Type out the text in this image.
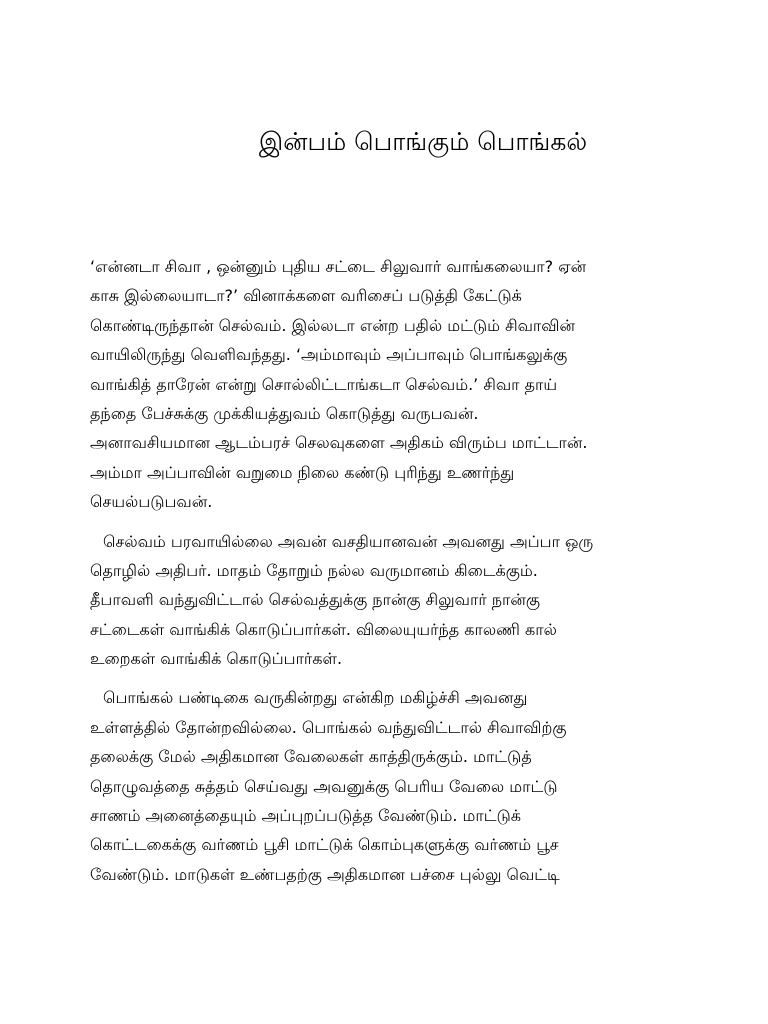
இன்பம் பொங்கும் பொங்கல்
‘என்னடா சிவா , ஒன்னும் புதிய சட்டை சிலுவார் வாங்கலையா? ஏன்
காசு இல்லையாடா?’ வினாக்களை வரிசைப் படுத்தி கேட்டுக்
கொண்டிருந்தான் செல்வம். இல்லடா என்ற பதில் மட்டும் சிவாவின்
வாயிலிருந்து வெளிவந்தது. ‘அம்மாவும் அப்பாவும் பொங்கலுக்கு
வாங்கித் தாரேன் என்று சொல்லிட்டாங்கடா செல்வம்.’ சிவா தாய்
தந்தை பேச்சுக்கு முக்கியத்துவம் கொடுத்து வருபவன்.
அனாவசியமான ஆடம்பரச் செலவுகளை அதிகம் விரும்ப மாட்டான்.
அம்மா அப்பாவின் வறுமை நிலை கண்டு புரிந்து உணர்ந்து
செயல்படுபவன்.
செல்வம் பரவாயில்லை அவன் வசதியானவன் அவனது அப்பா ஒரு
தொழில் அதிபர். மாதம் தோறும் நல்ல வருமானம் கிடைக்கும்.
தீபாவளி வந்துவிட்டால் செல்வத்துக்கு நான்கு சிலுவார் நான்கு
சட்டைகள் வாங்கிக் கொடுப்பார்கள். விலையுயர்ந்த காலணி கால்
உறைகள் வாங்கிக் கொடுப்பார்கள்.
பொங்கல் பண்டிகை வருகின்றது என்கிற மகிழ்ச்சி அவனது
உள்ளத்தில் தோன்றவில்லை. பொங்கல் வந்துவிட்டால் சிவாவிற்கு
தலைக்கு மேல் அதிகமான வேலைகள் காத்திருக்கும். மாட்டுத்
தொழுவத்தை சுத்தம் செய்வது அவனுக்கு பெரிய வேலை மாட்டு
சாணம் அனைத்தையும் அப்புறப்படுத்த வேண்டும். மாட்டுக்
கொட்டகைக்கு வர்ணம் பூசி மாட்டுக் கொம்புகளுக்கு வர்ணம் பூச
வேண்டும். மாடுகள் உண்பதற்கு அதிகமான பச்சை புல்லு வெட்டி
